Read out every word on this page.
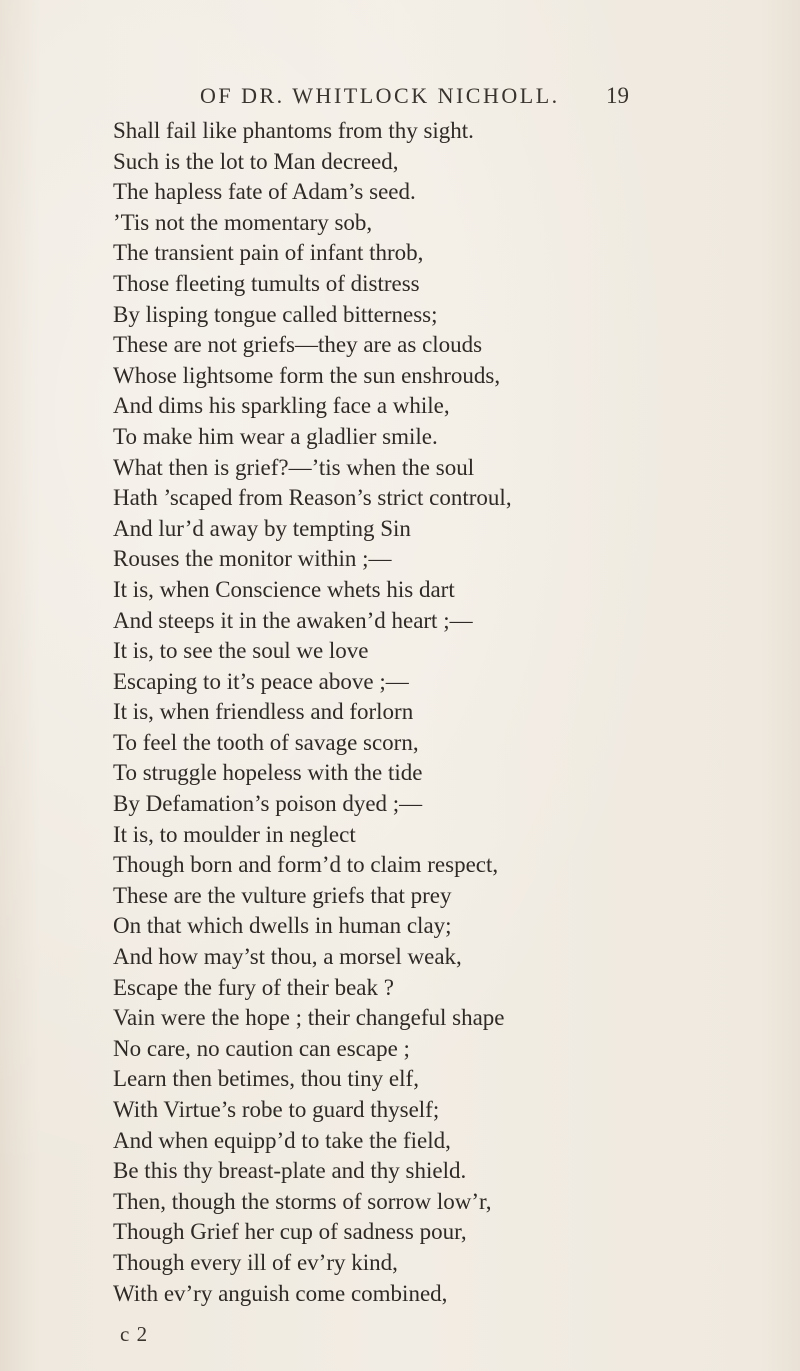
OF DR. WHITLOCK NICHOLL. 19
Shall fail like phantoms from thy sight.
Such is the lot to Man decreed,
The hapless fate of Adam’s seed.
’Tis not the momentary sob,
The transient pain of infant throb,
Those fleeting tumults of distress
By lisping tongue called bitterness;
These are not griefs—they are as clouds
Whose lightsome form the sun enshrouds,
And dims his sparkling face a while,
To make him wear a gladlier smile.
What then is grief?—’tis when the soul
Hath ’scaped from Reason’s strict controul,
And lur’d away by tempting Sin
Rouses the monitor within ;—
It is, when Conscience whets his dart
And steeps it in the awaken’d heart ;—
It is, to see the soul we love
Escaping to it’s peace above ;—
It is, when friendless and forlorn
To feel the tooth of savage scorn,
To struggle hopeless with the tide
By Defamation’s poison dyed ;—
It is, to moulder in neglect
Though born and form’d to claim respect,
These are the vulture griefs that prey
On that which dwells in human clay;
And how may’st thou, a morsel weak,
Escape the fury of their beak ?
Vain were the hope ; their changeful shape
No care, no caution can escape ;
Learn then betimes, thou tiny elf,
With Virtue’s robe to guard thyself;
And when equipp’d to take the field,
Be this thy breast-plate and thy shield.
Then, though the storms of sorrow low’r,
Though Grief her cup of sadness pour,
Though every ill of ev’ry kind,
With ev’ry anguish come combined,
c 2
